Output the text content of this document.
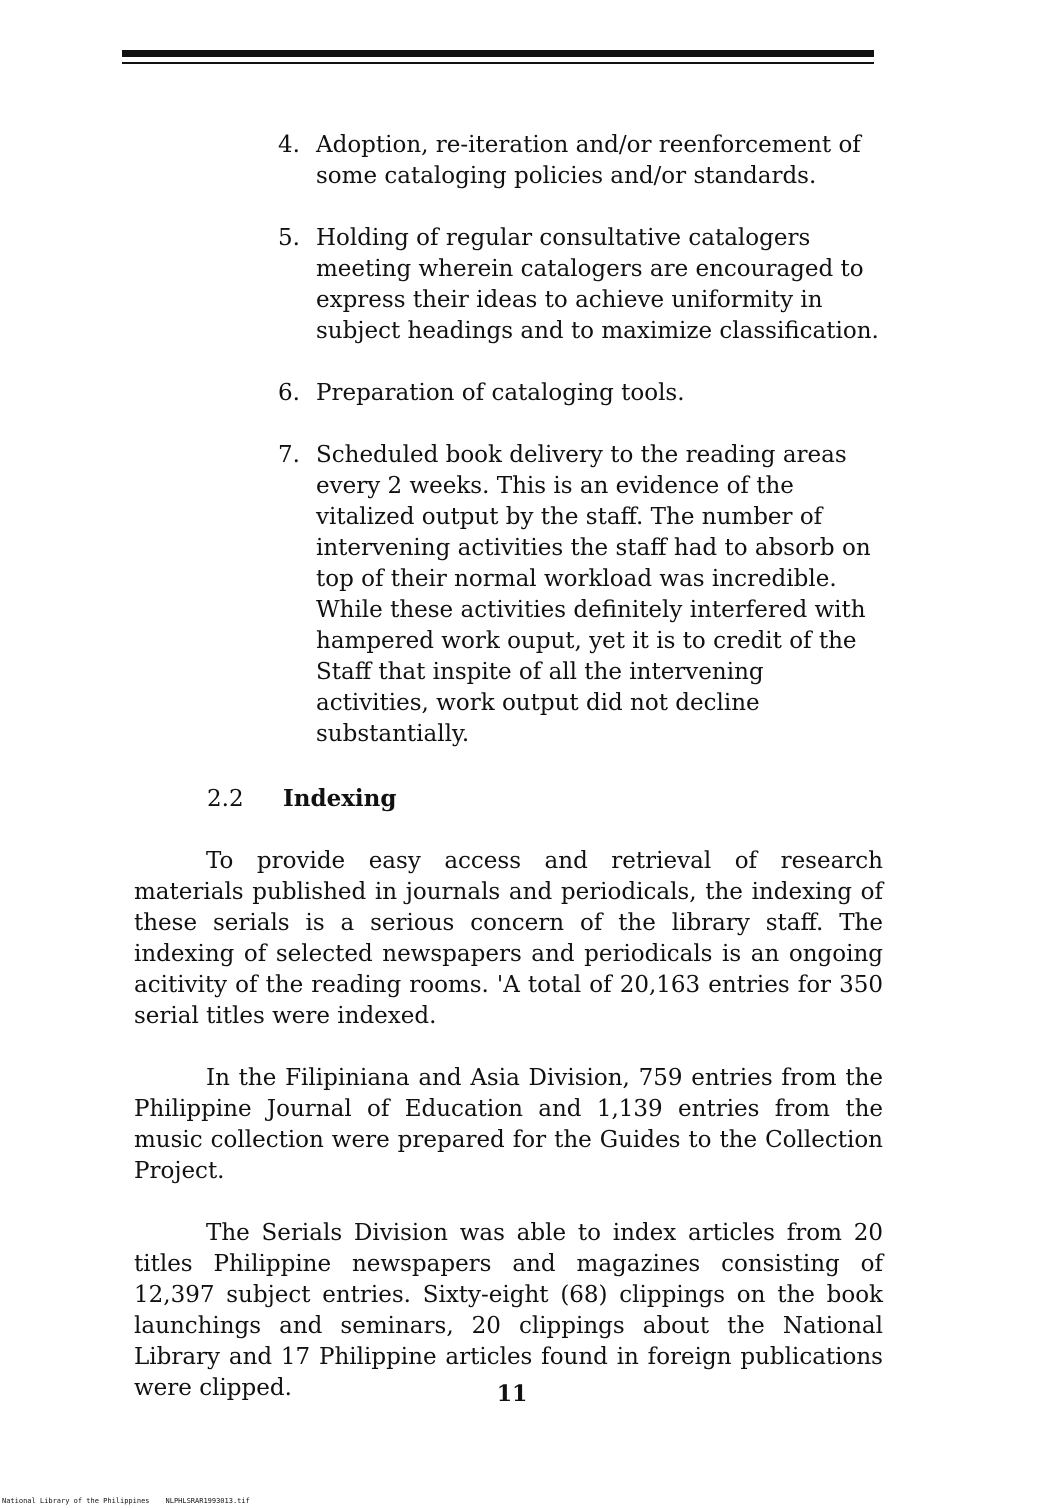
4. Adoption, re-iteration and/or reenforcement of some cataloging policies and/or standards.
5. Holding of regular consultative catalogers meeting wherein catalogers are encouraged to express their ideas to achieve uniformity in subject headings and to maximize classification.
6. Preparation of cataloging tools.
7. Scheduled book delivery to the reading areas every 2 weeks. This is an evidence of the vitalized output by the staff. The number of intervening activities the staff had to absorb on top of their normal workload was incredible. While these activities definitely interfered with hampered work ouput, yet it is to credit of the Staff that inspite of all the intervening activities, work output did not decline substantially.
2.2 Indexing

To provide easy access and retrieval of research materials published in journals and periodicals, the indexing of these serials is a serious concern of the library staff. The indexing of selected newspapers and periodicals is an ongoing acitivity of the reading rooms. 'A total of 20,163 entries for 350 serial titles were indexed.

In the Filipiniana and Asia Division, 759 entries from the Philippine Journal of Education and 1,139 entries from the music collection were prepared for the Guides to the Collection Project.

The Serials Division was able to index articles from 20 titles Philippine newspapers and magazines consisting of 12,397 subject entries. Sixty-eight (68) clippings on the book launchings and seminars, 20 clippings about the National Library and 17 Philippine articles found in foreign publications were clipped.	11
National Library of the Philippines NLPHLSRAR1993013.tif
